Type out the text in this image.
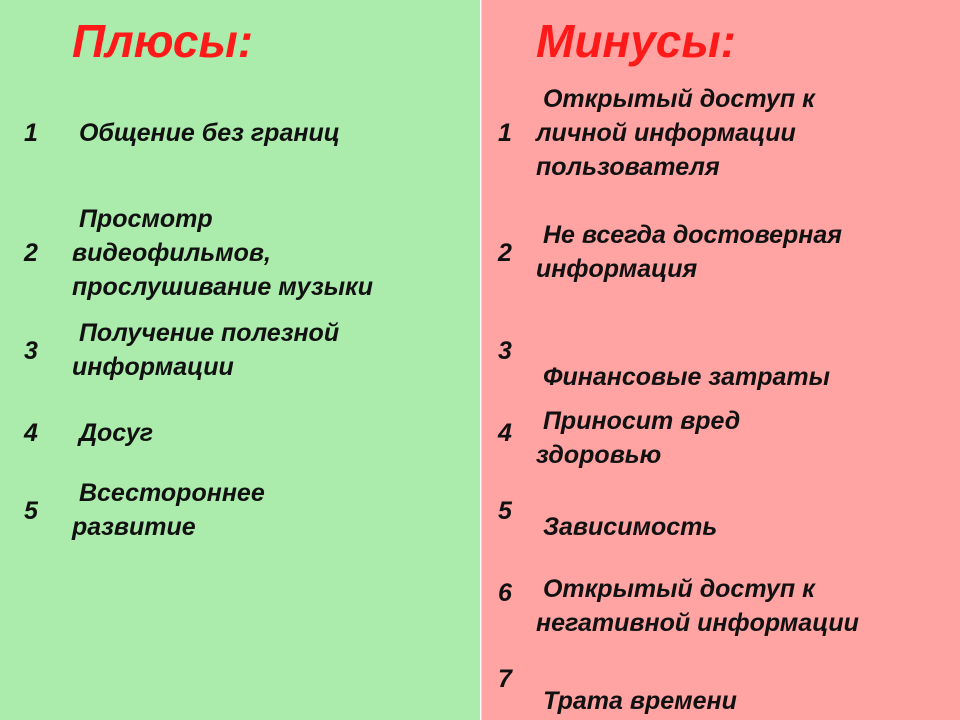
Плюсы:
1 Общение без границ
2
Просмотр
видеофильмов,
прослушивание музыки
3
Получение полезной
информации
4 Досуг
5
Всестороннее
развитие
Минусы:
1
Открытый доступ к
личной информации
пользователя
2
Не всегда достоверная
информация
3
Финансовые затраты
4 Приносит вред
здоровью
5
Зависимость
6 Открытый доступ к
негативной информации
7
Трата времени
